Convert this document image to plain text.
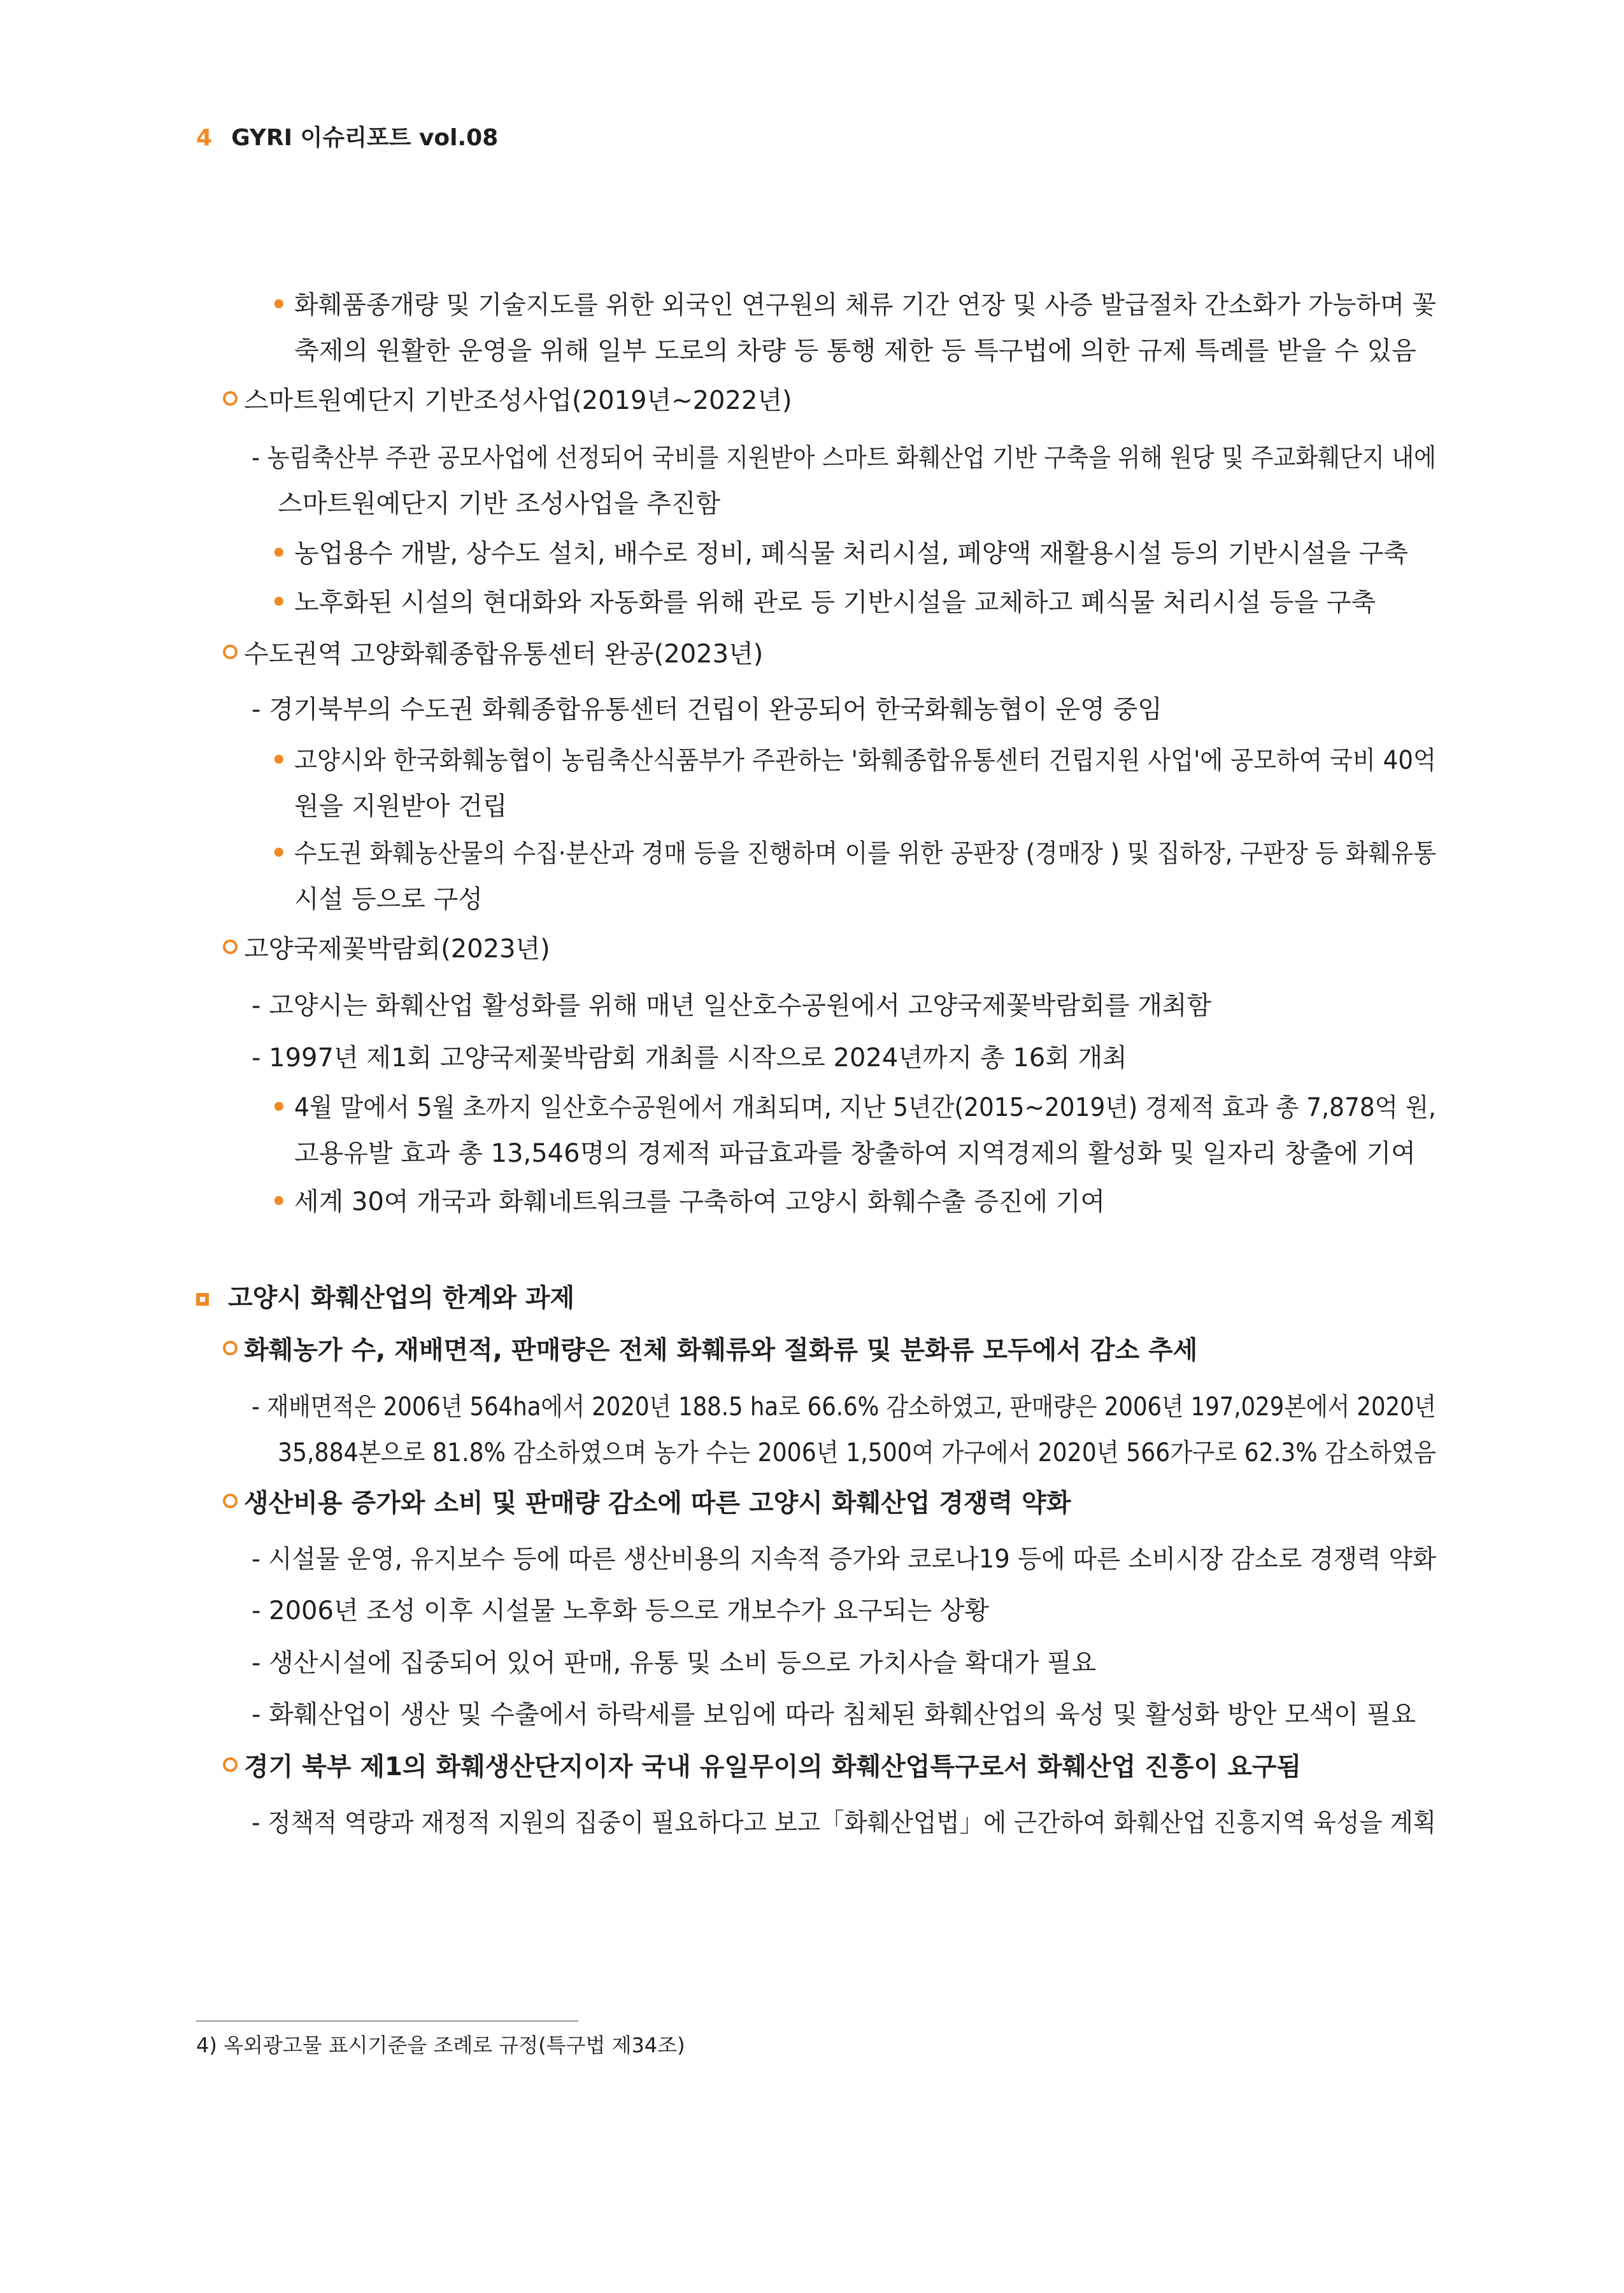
4 GYRI 이슈리포트 vol.08
• 화훼품종개량 및 기술지도를 위한 외국인 연구원의 체류 기간 연장 및 사증 발급절차 간소화가 가능하며 꽃
축제의 원활한 운영을 위해 일부 도로의 차량 등 통행 제한 등 특구법에 의한 규제 특례를 받을 수 있음
스마트원예단지 기반조성사업(2019년~2022년)
- 농림축산부 주관 공모사업에 선정되어 국비를 지원받아 스마트 화훼산업 기반 구축을 위해 원당 및 주교화훼단지 내에
스마트원예단지 기반 조성사업을 추진함
• 농업용수 개발, 상수도 설치, 배수로 정비, 폐식물 처리시설, 폐양액 재활용시설 등의 기반시설을 구축
• 노후화된 시설의 현대화와 자동화를 위해 관로 등 기반시설을 교체하고 폐식물 처리시설 등을 구축
수도권역 고양화훼종합유통센터 완공(2023년)
- 경기북부의 수도권 화훼종합유통센터 건립이 완공되어 한국화훼농협이 운영 중임
• 고양시와 한국화훼농협이 농림축산식품부가 주관하는 '화훼종합유통센터 건립지원 사업'에 공모하여 국비 40억
원을 지원받아 건립
• 수도권 화훼농산물의 수집·분산과 경매 등을 진행하며 이를 위한 공판장 (경매장 ) 및 집하장, 구판장 등 화훼유통
시설 등으로 구성
고양국제꽃박람회(2023년)
- 고양시는 화훼산업 활성화를 위해 매년 일산호수공원에서 고양국제꽃박람회를 개최함
- 1997년 제1회 고양국제꽃박람회 개최를 시작으로 2024년까지 총 16회 개최
• 4월 말에서 5월 초까지 일산호수공원에서 개최되며, 지난 5년간(2015~2019년) 경제적 효과 총 7,878억 원,
고용유발 효과 총 13,546명의 경제적 파급효과를 창출하여 지역경제의 활성화 및 일자리 창출에 기여
• 세계 30여 개국과 화훼네트워크를 구축하여 고양시 화훼수출 증진에 기여
고양시 화훼산업의 한계와 과제
화훼농가 수, 재배면적, 판매량은 전체 화훼류와 절화류 및 분화류 모두에서 감소 추세
- 재배면적은 2006년 564ha에서 2020년 188.5 ha로 66.6% 감소하였고, 판매량은 2006년 197,029본에서 2020년
35,884본으로 81.8% 감소하였으며 농가 수는 2006년 1,500여 가구에서 2020년 566가구로 62.3% 감소하였음
생산비용 증가와 소비 및 판매량 감소에 따른 고양시 화훼산업 경쟁력 약화
- 시설물 운영, 유지보수 등에 따른 생산비용의 지속적 증가와 코로나19 등에 따른 소비시장 감소로 경쟁력 약화
- 2006년 조성 이후 시설물 노후화 등으로 개보수가 요구되는 상황
- 생산시설에 집중되어 있어 판매, 유통 및 소비 등으로 가치사슬 확대가 필요
- 화훼산업이 생산 및 수출에서 하락세를 보임에 따라 침체된 화훼산업의 육성 및 활성화 방안 모색이 필요
경기 북부 제1의 화훼생산단지이자 국내 유일무이의 화훼산업특구로서 화훼산업 진흥이 요구됨
- 정책적 역량과 재정적 지원의 집중이 필요하다고 보고「화훼산업법」에 근간하여 화훼산업 진흥지역 육성을 계획
4) 옥외광고물 표시기준을 조례로 규정(특구법 제34조)
